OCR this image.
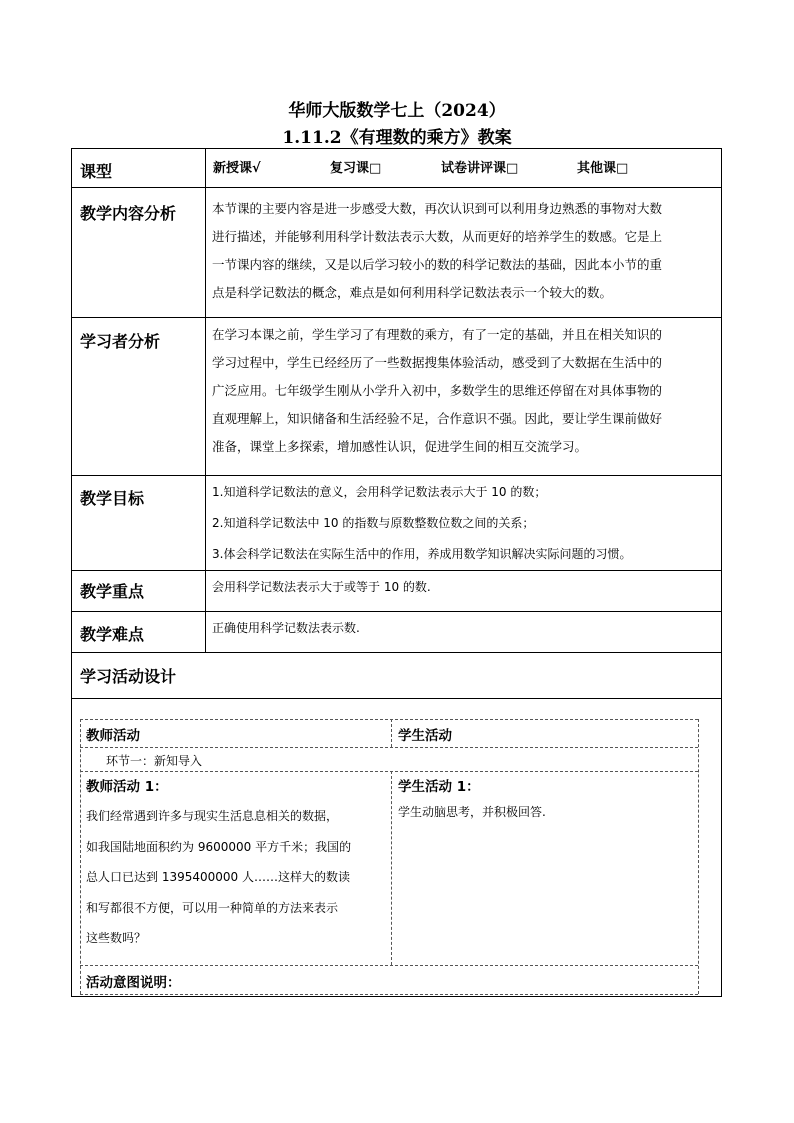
华师大版数学七上（2024）
1.11.2《有理数的乘方》教案
课型	新授课√	复习课□	试卷讲评课□	其他课□
教学内容分析	本节课的主要内容是进一步感受大数，再次认识到可以利用身边熟悉的事物对大数
进行描述，并能够利用科学计数法表示大数，从而更好的培养学生的数感。它是上
一节课内容的继续，又是以后学习较小的数的科学记数法的基础，因此本小节的重
点是科学记数法的概念，难点是如何利用科学记数法表示一个较大的数。
学习者分析	在学习本课之前，学生学习了有理数的乘方，有了一定的基础，并且在相关知识的
学习过程中，学生已经经历了一些数据搜集体验活动，感受到了大数据在生活中的
广泛应用。七年级学生刚从小学升入初中，多数学生的思维还停留在对具体事物的
直观理解上，知识储备和生活经验不足，合作意识不强。因此，要让学生课前做好
准备，课堂上多探索，增加感性认识，促进学生间的相互交流学习。
教学目标	1.知道科学记数法的意义，会用科学记数法表示大于 10 的数；
2.知道科学记数法中 10 的指数与原数整数位数之间的关系；
3.体会科学记数法在实际生活中的作用，养成用数学知识解决实际问题的习惯。
教学重点	会用科学记数法表示大于或等于 10 的数.
教学难点	正确使用科学记数法表示数.
学习活动设计
教师活动	学生活动
环节一：新知导入
教师活动 1：
我们经常遇到许多与现实生活息息相关的数据，
如我国陆地面积约为 9600000 平方千米；我国的
总人口已达到 1395400000 人……这样大的数读
和写都很不方便，可以用一种简单的方法来表示
这些数吗？
学生活动 1：
学生动脑思考，并积极回答.
活动意图说明：
